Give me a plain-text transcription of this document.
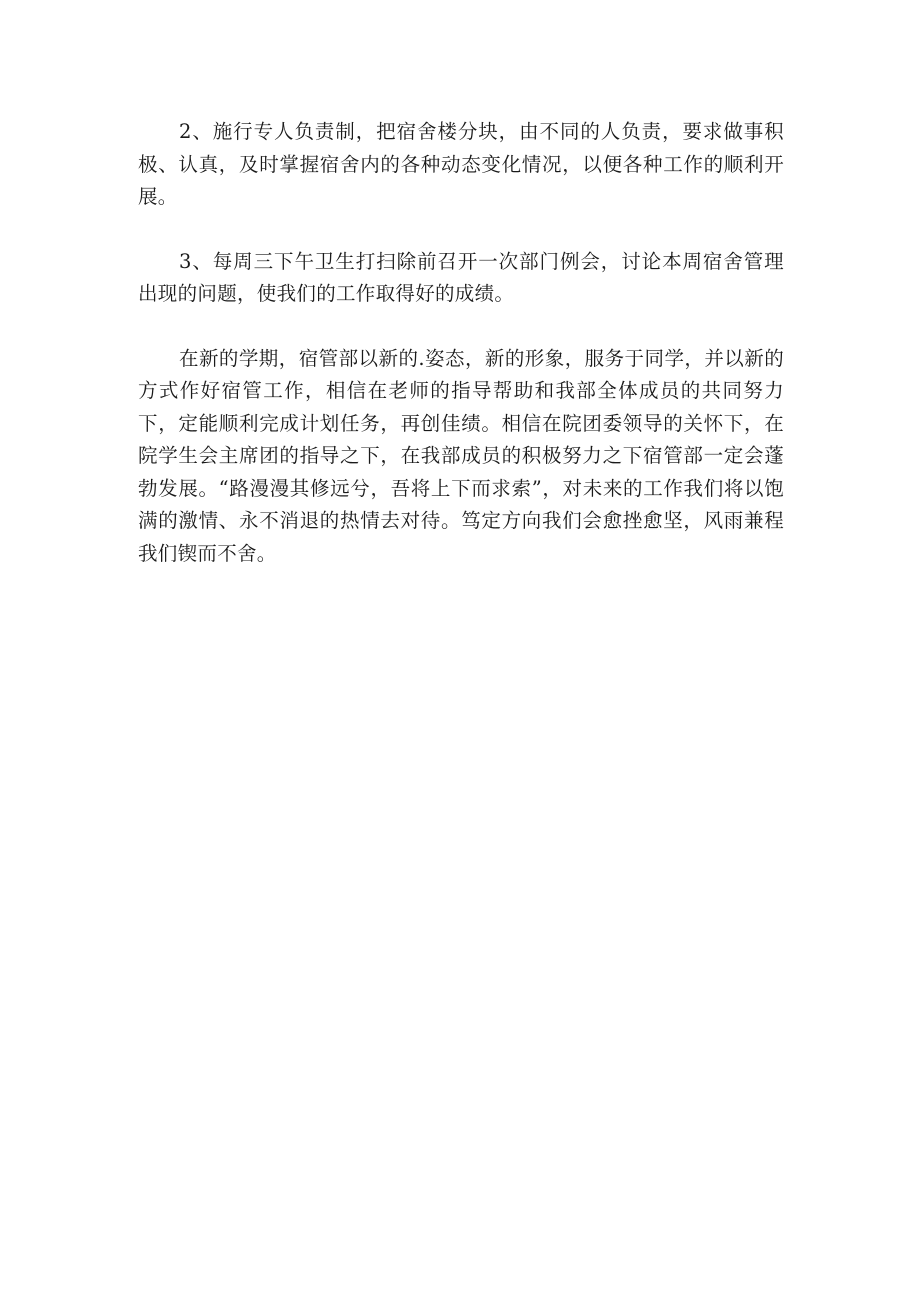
2、施行专人负责制，把宿舍楼分块，由不同的人负责，要求做事积极、认真，及时掌握宿舍内的各种动态变化情况，以便各种工作的顺利开展。

3、每周三下午卫生打扫除前召开一次部门例会，讨论本周宿舍管理出现的问题，使我们的工作取得好的成绩。

在新的学期，宿管部以新的.姿态，新的形象，服务于同学，并以新的方式作好宿管工作，相信在老师的指导帮助和我部全体成员的共同努力下，定能顺利完成计划任务，再创佳绩。相信在院团委领导的关怀下，在院学生会主席团的指导之下，在我部成员的积极努力之下宿管部一定会蓬勃发展。“路漫漫其修远兮，吾将上下而求索”，对未来的工作我们将以饱满的激情、永不消退的热情去对待。笃定方向我们会愈挫愈坚，风雨兼程我们锲而不舍。
